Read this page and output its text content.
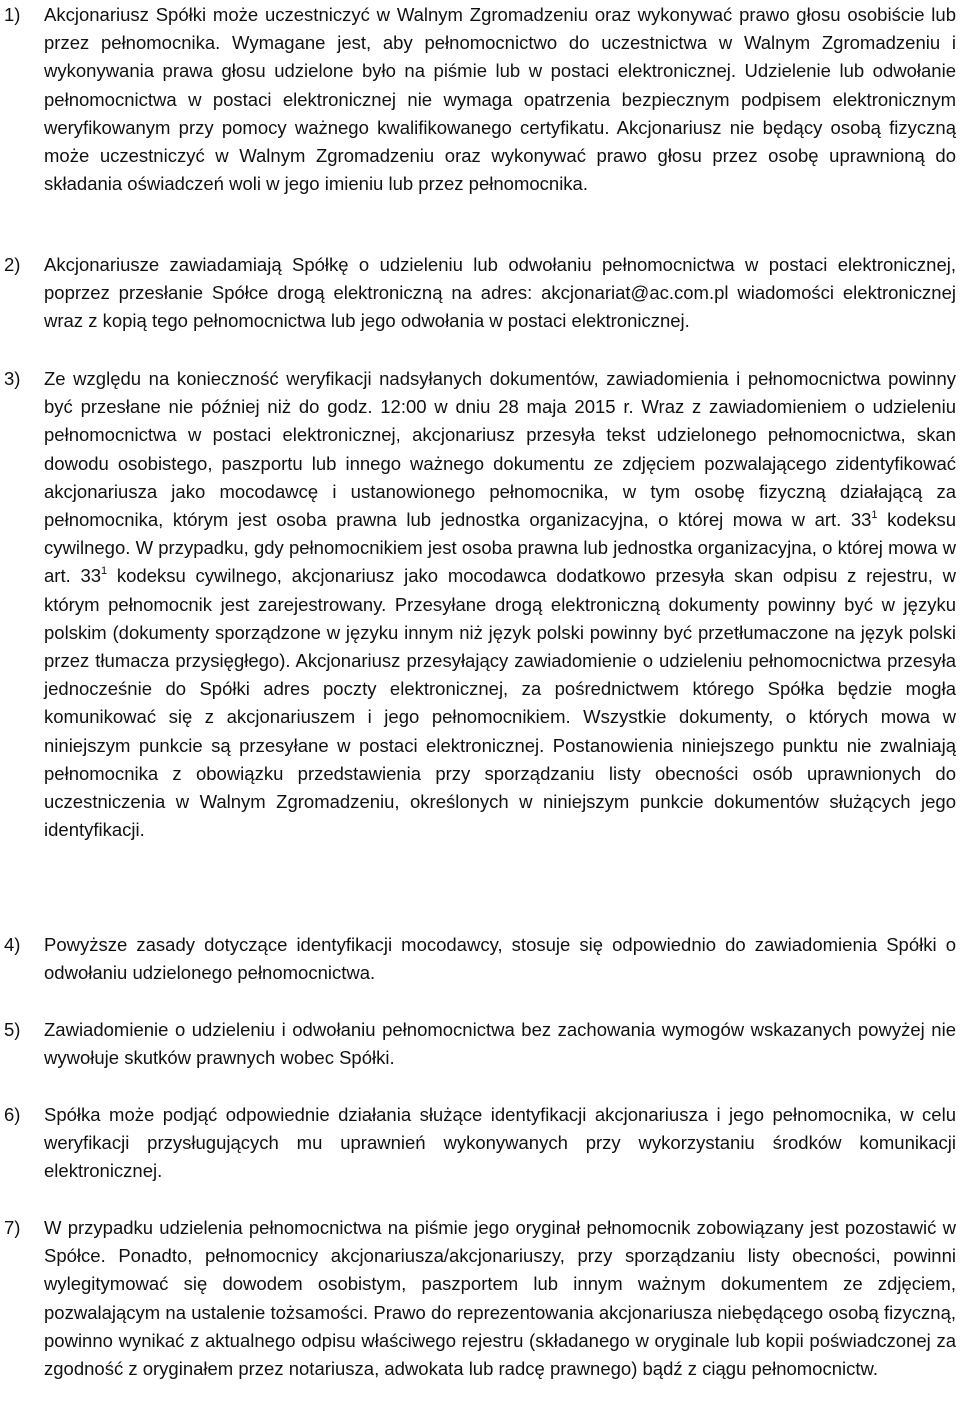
1) Akcjonariusz Spółki może uczestniczyć w Walnym Zgromadzeniu oraz wykonywać prawo głosu osobiście lub przez pełnomocnika. Wymagane jest, aby pełnomocnictwo do uczestnictwa w Walnym Zgromadzeniu i wykonywania prawa głosu udzielone było na piśmie lub w postaci elektronicznej. Udzielenie lub odwołanie pełnomocnictwa w postaci elektronicznej nie wymaga opatrzenia bezpiecznym podpisem elektronicznym weryfikowanym przy pomocy ważnego kwalifikowanego certyfikatu. Akcjonariusz nie będący osobą fizyczną może uczestniczyć w Walnym Zgromadzeniu oraz wykonywać prawo głosu przez osobę uprawnioną do składania oświadczeń woli w jego imieniu lub przez pełnomocnika.
2) Akcjonariusze zawiadamiają Spółkę o udzieleniu lub odwołaniu pełnomocnictwa w postaci elektronicznej, poprzez przesłanie Spółce drogą elektroniczną na adres: akcjonariat@ac.com.pl wiadomości elektronicznej wraz z kopią tego pełnomocnictwa lub jego odwołania w postaci elektronicznej.
3) Ze względu na konieczność weryfikacji nadsyłanych dokumentów, zawiadomienia i pełnomocnictwa powinny być przesłane nie później niż do godz. 12:00 w dniu 28 maja 2015 r. Wraz z zawiadomieniem o udzieleniu pełnomocnictwa w postaci elektronicznej, akcjonariusz przesyła tekst udzielonego pełnomocnictwa, skan dowodu osobistego, paszportu lub innego ważnego dokumentu ze zdjęciem pozwalającego zidentyfikować akcjonariusza jako mocodawcę i ustanowionego pełnomocnika, w tym osobę fizyczną działającą za pełnomocnika, którym jest osoba prawna lub jednostka organizacyjna, o której mowa w art. $33^1$ kodeksu cywilnego. W przypadku, gdy pełnomocnikiem jest osoba prawna lub jednostka organizacyjna, o której mowa w art. $33^1$ kodeksu cywilnego, akcjonariusz jako mocodawca dodatkowo przesyła skan odpisu z rejestru, w którym pełnomocnik jest zarejestrowany. Przesyłane drogą elektroniczną dokumenty powinny być w języku polskim (dokumenty sporządzone w języku innym niż język polski powinny być przetłumaczone na język polski przez tłumacza przysięgłego). Akcjonariusz przesyłający zawiadomienie o udzieleniu pełnomocnictwa przesyła jednocześnie do Spółki adres poczty elektronicznej, za pośrednictwem którego Spółka będzie mogła komunikować się z akcjonariuszem i jego pełnomocnikiem. Wszystkie dokumenty, o których mowa w niniejszym punkcie są przesyłane w postaci elektronicznej. Postanowienia niniejszego punktu nie zwalniają pełnomocnika z obowiązku przedstawienia przy sporządzaniu listy obecności osób uprawnionych do uczestniczenia w Walnym Zgromadzeniu, określonych w niniejszym punkcie dokumentów służących jego identyfikacji.
4) Powyższe zasady dotyczące identyfikacji mocodawcy, stosuje się odpowiednio do zawiadomienia Spółki o odwołaniu udzielonego pełnomocnictwa.
5) Zawiadomienie o udzieleniu i odwołaniu pełnomocnictwa bez zachowania wymogów wskazanych powyżej nie wywołuje skutków prawnych wobec Spółki.
6) Spółka może podjąć odpowiednie działania służące identyfikacji akcjonariusza i jego pełnomocnika, w celu weryfikacji przysługujących mu uprawnień wykonywanych przy wykorzystaniu środków komunikacji elektronicznej.
7) W przypadku udzielenia pełnomocnictwa na piśmie jego oryginał pełnomocnik zobowiązany jest pozostawić w Spółce. Ponadto, pełnomocnicy akcjonariusza/akcjonariuszy, przy sporządzaniu listy obecności, powinni wylegitymować się dowodem osobistym, paszportem lub innym ważnym dokumentem ze zdjęciem, pozwalającym na ustalenie tożsamości. Prawo do reprezentowania akcjonariusza niebędącego osobą fizyczną, powinno wynikać z aktualnego odpisu właściwego rejestru (składanego w oryginale lub kopii poświadczonej za zgodność z oryginałem przez notariusza, adwokata lub radcę prawnego) bądź z ciągu pełnomocnictw.
